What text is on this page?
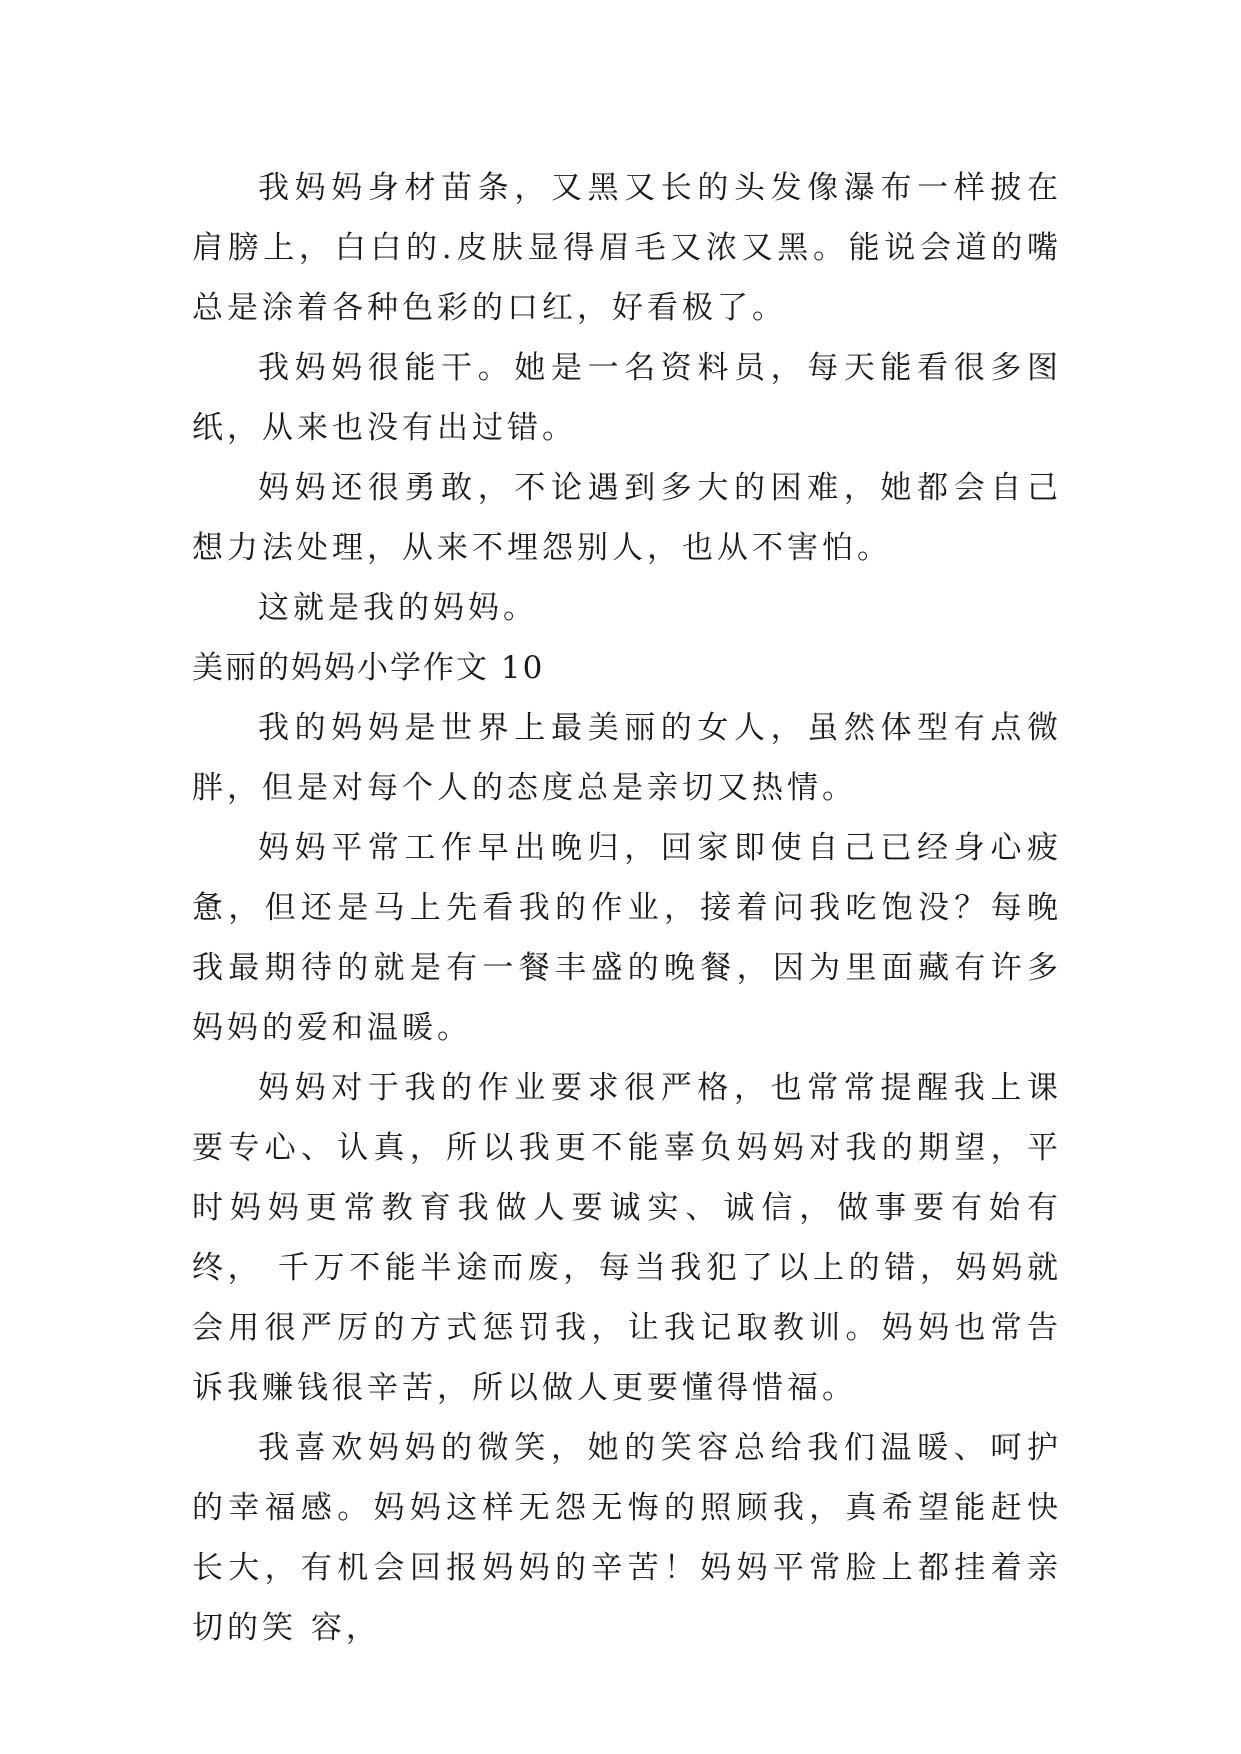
我妈妈身材苗条，又黑又长的头发像瀑布一样披在肩膀上，白白的.皮肤显得眉毛又浓又黑。能说会道的嘴总是涂着各种色彩的口红，好看极了。

我妈妈很能干。她是一名资料员，每天能看很多图纸，从来也没有出过错。

妈妈还很勇敢，不论遇到多大的困难，她都会自己想力法处理，从来不埋怨别人，也从不害怕。

这就是我的妈妈。

美丽的妈妈小学作文 10

我的妈妈是世界上最美丽的女人，虽然体型有点微胖，但是对每个人的态度总是亲切又热情。

妈妈平常工作早出晚归，回家即使自己已经身心疲惫，但还是马上先看我的作业，接着问我吃饱没？每晚我最期待的就是有一餐丰盛的晚餐，因为里面藏有许多妈妈的爱和温暖。

妈妈对于我的作业要求很严格，也常常提醒我上课要专心、认真，所以我更不能辜负妈妈对我的期望，平时妈妈更常教育我做人要诚实、诚信，做事要有始有终， 千万不能半途而废，每当我犯了以上的错，妈妈就会用很严厉的方式惩罚我，让我记取教训。妈妈也常告诉我赚钱很辛苦，所以做人更要懂得惜福。

我喜欢妈妈的微笑，她的笑容总给我们温暖、呵护的幸福感。妈妈这样无怨无悔的照顾我，真希望能赶快长大，有机会回报妈妈的辛苦！妈妈平常脸上都挂着亲切的笑 容，
